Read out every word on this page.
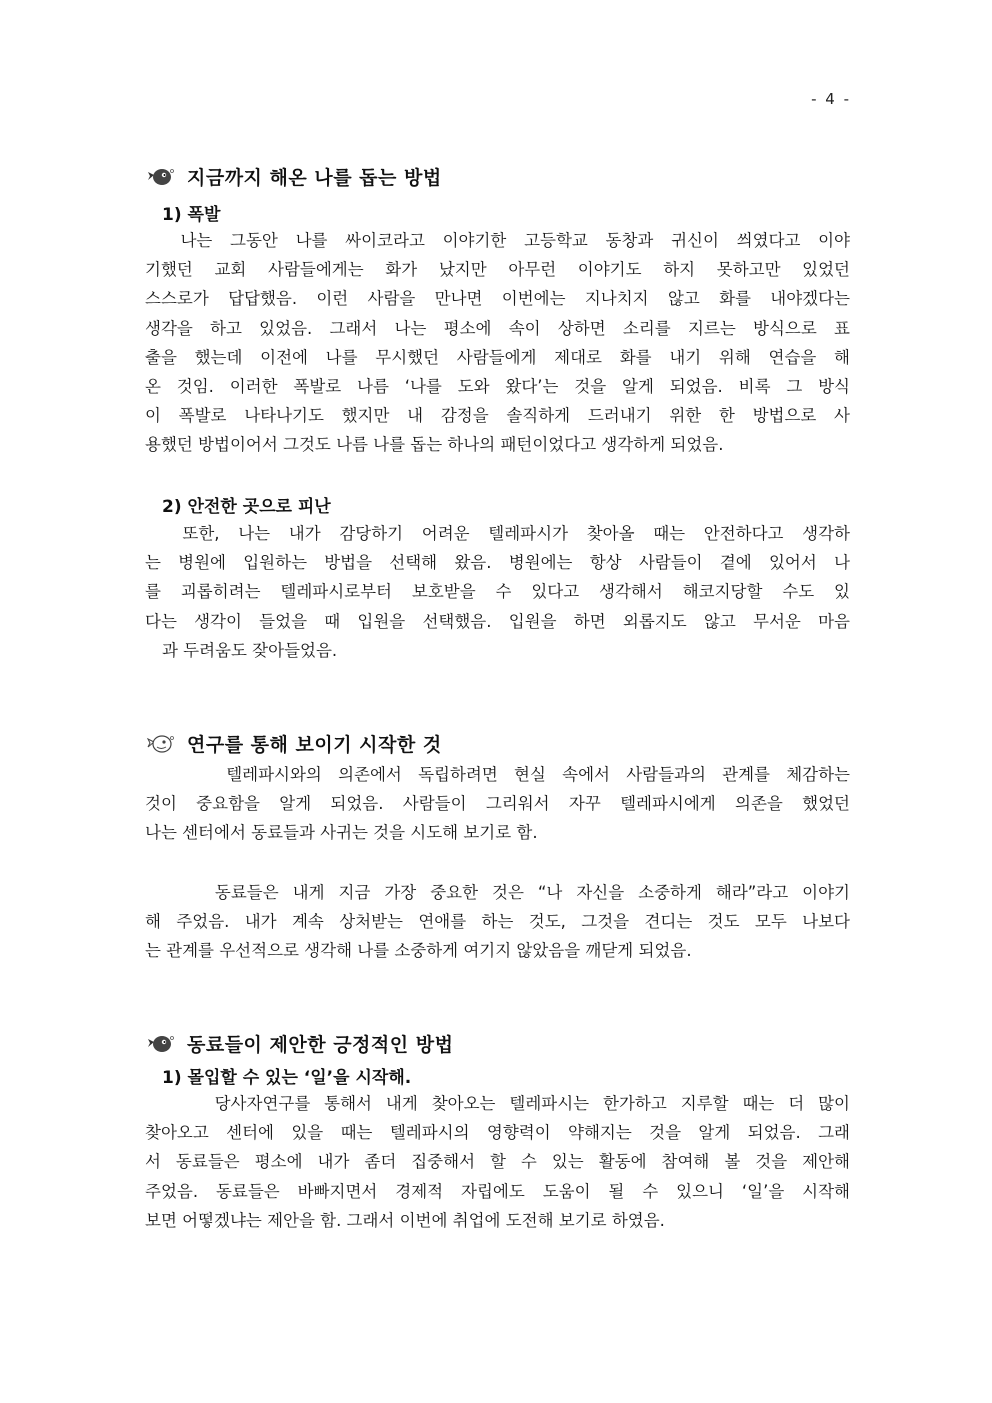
- 4 -
지금까지 해온 나를 돕는 방법
1) 폭발
나는 그동안 나를 싸이코라고 이야기한 고등학교 동창과 귀신이 씌였다고 이야
기했던 교회 사람들에게는 화가 났지만 아무런 이야기도 하지 못하고만 있었던
스스로가 답답했음. 이런 사람을 만나면 이번에는 지나치지 않고 화를 내야겠다는
생각을 하고 있었음. 그래서 나는 평소에 속이 상하면 소리를 지르는 방식으로 표
출을 했는데 이전에 나를 무시했던 사람들에게 제대로 화를 내기 위해 연습을 해
온 것임. 이러한 폭발로 나름 ‘나를 도와 왔다’는 것을 알게 되었음. 비록 그 방식
이 폭발로 나타나기도 했지만 내 감정을 솔직하게 드러내기 위한 한 방법으로 사
용했던 방법이어서 그것도 나름 나를 돕는 하나의 패턴이었다고 생각하게 되었음.
2) 안전한 곳으로 피난
또한, 나는 내가 감당하기 어려운 텔레파시가 찾아올 때는 안전하다고 생각하
는 병원에 입원하는 방법을 선택해 왔음. 병원에는 항상 사람들이 곁에 있어서 나
를 괴롭히려는 텔레파시로부터 보호받을 수 있다고 생각해서 해코지당할 수도 있
다는 생각이 들었을 때 입원을 선택했음. 입원을 하면 외롭지도 않고 무서운 마음
과 두려움도 잦아들었음.
연구를 통해 보이기 시작한 것
텔레파시와의 의존에서 독립하려면 현실 속에서 사람들과의 관계를 체감하는
것이 중요함을 알게 되었음. 사람들이 그리워서 자꾸 텔레파시에게 의존을 했었던
나는 센터에서 동료들과 사귀는 것을 시도해 보기로 함.
동료들은 내게 지금 가장 중요한 것은 “나 자신을 소중하게 해라”라고 이야기
해 주었음. 내가 계속 상처받는 연애를 하는 것도, 그것을 견디는 것도 모두 나보다
는 관계를 우선적으로 생각해 나를 소중하게 여기지 않았음을 깨닫게 되었음.
동료들이 제안한 긍정적인 방법
1) 몰입할 수 있는 ‘일’을 시작해.
당사자연구를 통해서 내게 찾아오는 텔레파시는 한가하고 지루할 때는 더 많이
찾아오고 센터에 있을 때는 텔레파시의 영향력이 약해지는 것을 알게 되었음. 그래
서 동료들은 평소에 내가 좀더 집중해서 할 수 있는 활동에 참여해 볼 것을 제안해
주었음. 동료들은 바빠지면서 경제적 자립에도 도움이 될 수 있으니 ‘일’을 시작해
보면 어떻겠냐는 제안을 함. 그래서 이번에 취업에 도전해 보기로 하였음.
